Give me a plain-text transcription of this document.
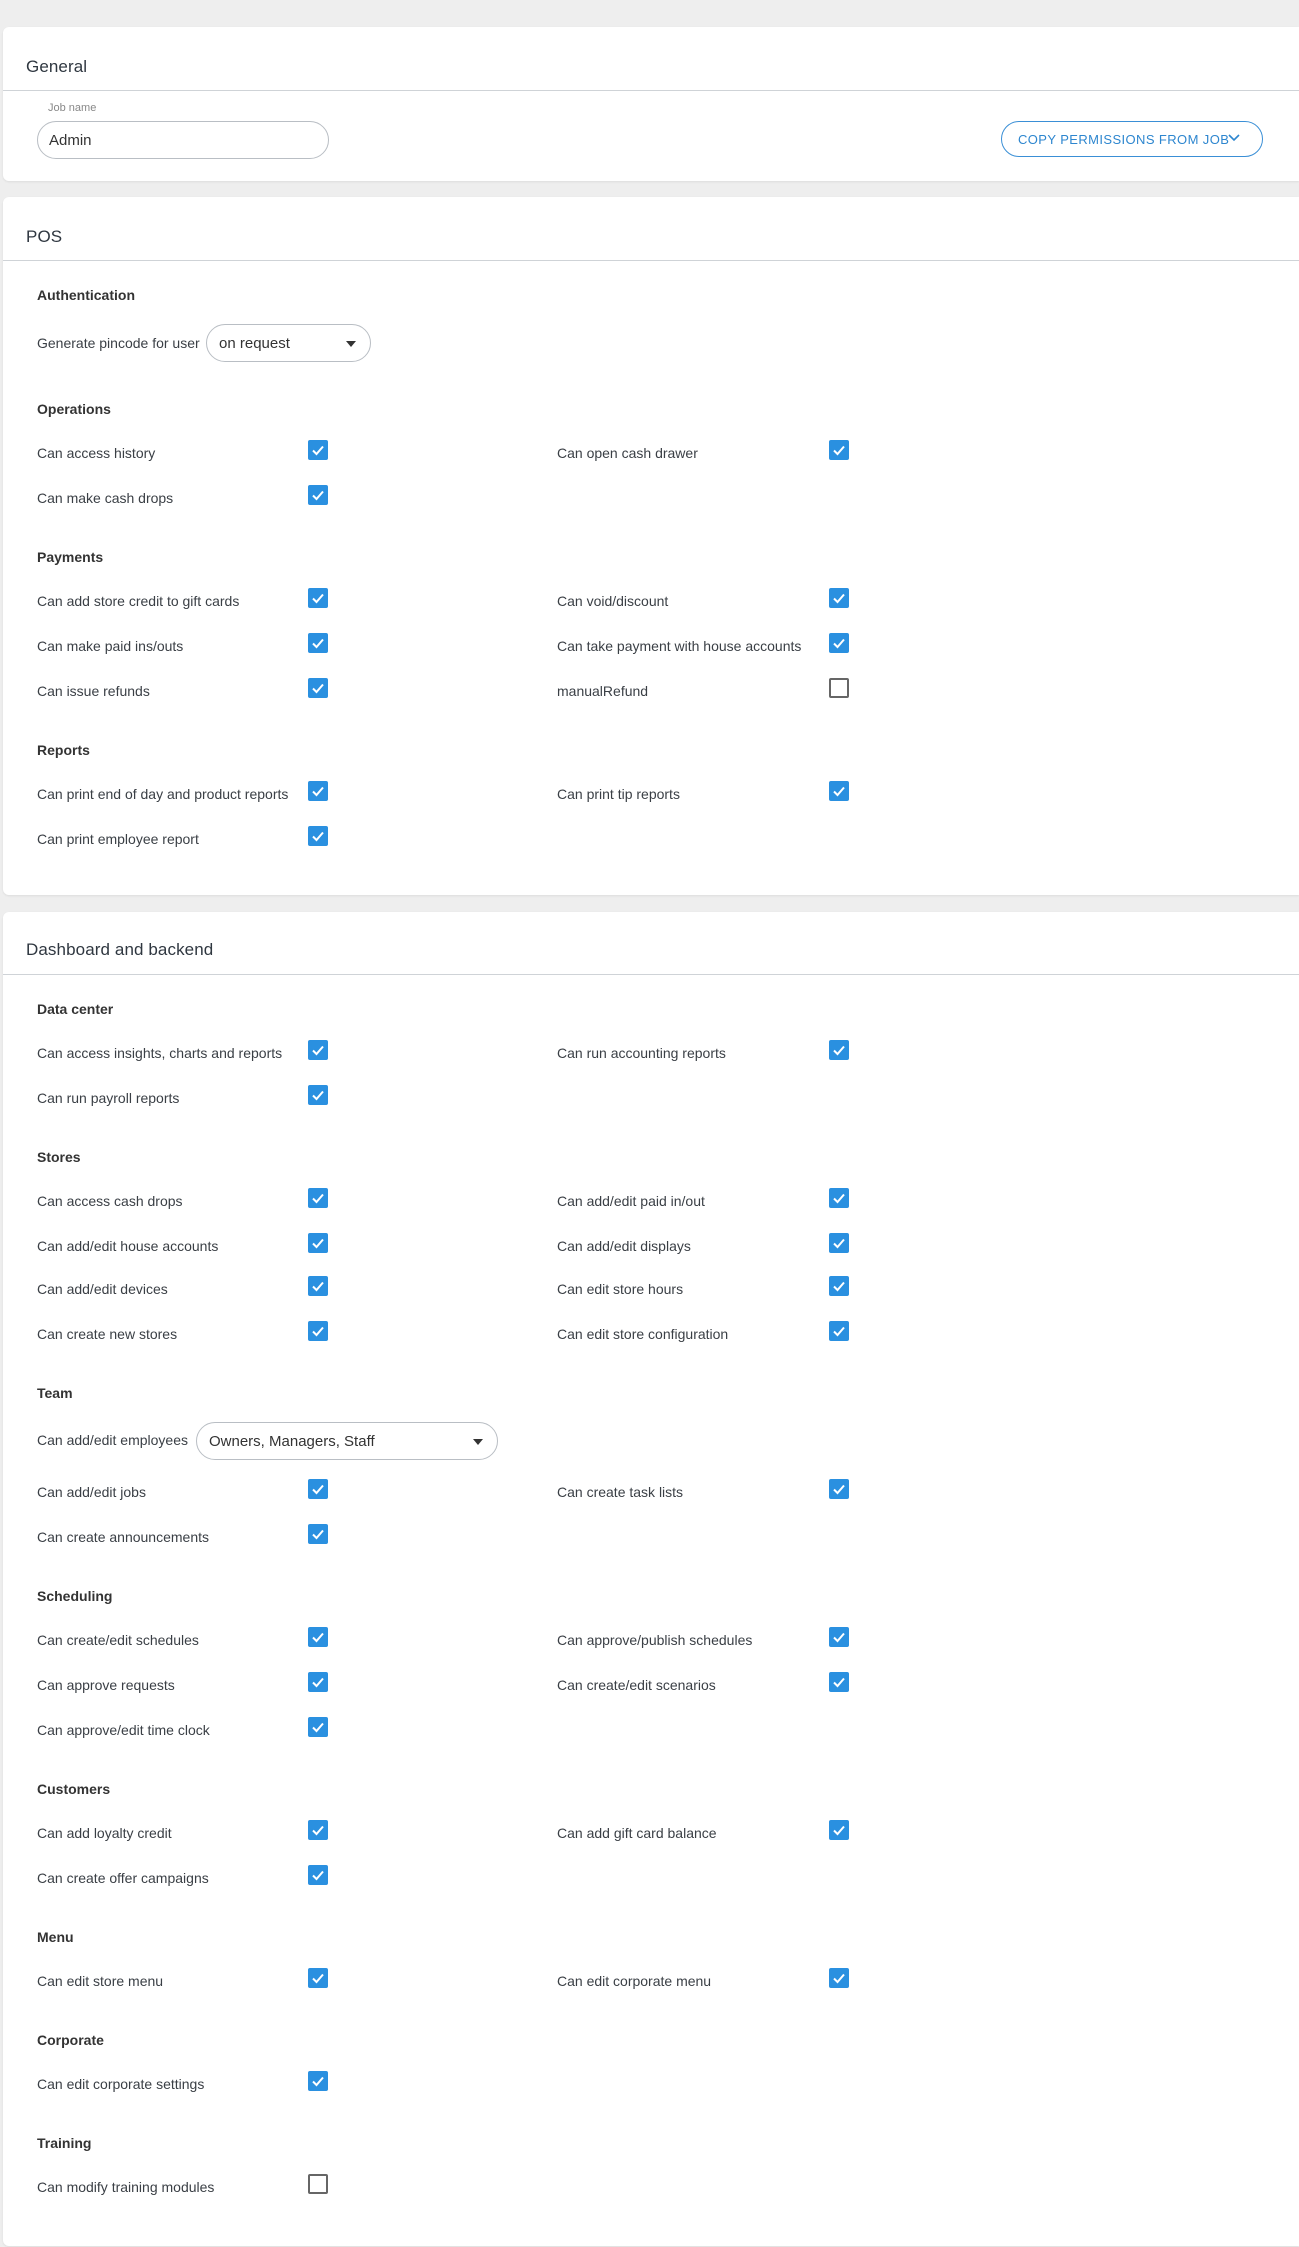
General
Job name
Admin	COPY PERMISSIONS FROM JOB
POS
Authentication
Generate pincode for user on request
Operations
Can access history	Can open cash drawer
Can make cash drops
Payments
Can add store credit to gift cards	Can void/discount
Can make paid ins/outs	Can take payment with house accounts
Can issue refunds	manualRefund
Reports
Can print end of day and product reports	Can print tip reports
Can print employee report
Dashboard and backend
Data center
Can access insights, charts and reports	Can run accounting reports
Can run payroll reports
Stores
Can access cash drops	Can add/edit paid in/out
Can add/edit house accounts	Can add/edit displays
Can add/edit devices	Can edit store hours
Can create new stores	Can edit store configuration
Team
Can add/edit employees Owners, Managers, Staff
Can add/edit jobs	Can create task lists
Can create announcements
Scheduling
Can create/edit schedules	Can approve/publish schedules
Can approve requests	Can create/edit scenarios
Can approve/edit time clock
Customers
Can add loyalty credit	Can add gift card balance
Can create offer campaigns
Menu
Can edit store menu	Can edit corporate menu
Corporate
Can edit corporate settings
Training
Can modify training modules
